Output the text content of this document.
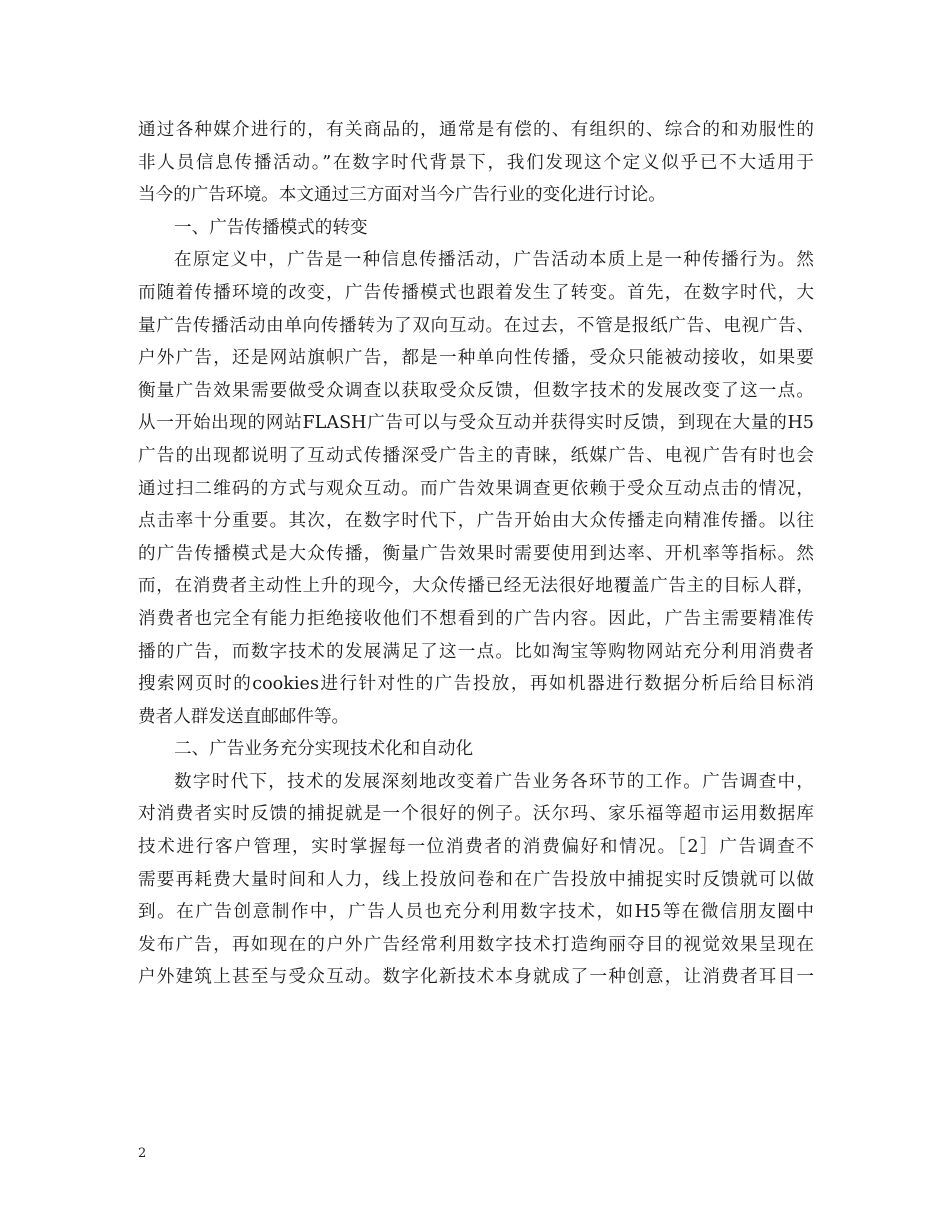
通过各种媒介进行的，有关商品的，通常是有偿的、有组织的、综合的和劝服性的
非人员信息传播活动。”在数字时代背景下，我们发现这个定义似乎已不大适用于
当今的广告环境。本文通过三方面对当今广告行业的变化进行讨论。
一、广告传播模式的转变
在原定义中，广告是一种信息传播活动，广告活动本质上是一种传播行为。然
而随着传播环境的改变，广告传播模式也跟着发生了转变。首先，在数字时代，大
量广告传播活动由单向传播转为了双向互动。在过去，不管是报纸广告、电视广告、
户外广告，还是网站旗帜广告，都是一种单向性传播，受众只能被动接收，如果要
衡量广告效果需要做受众调查以获取受众反馈，但数字技术的发展改变了这一点。
从一开始出现的网站FLASH广告可以与受众互动并获得实时反馈，到现在大量的H5
广告的出现都说明了互动式传播深受广告主的青睐，纸媒广告、电视广告有时也会
通过扫二维码的方式与观众互动。而广告效果调查更依赖于受众互动点击的情况，
点击率十分重要。其次，在数字时代下，广告开始由大众传播走向精准传播。以往
的广告传播模式是大众传播，衡量广告效果时需要使用到达率、开机率等指标。然
而，在消费者主动性上升的现今，大众传播已经无法很好地覆盖广告主的目标人群，
消费者也完全有能力拒绝接收他们不想看到的广告内容。因此，广告主需要精准传
播的广告，而数字技术的发展满足了这一点。比如淘宝等购物网站充分利用消费者
搜索网页时的cookies进行针对性的广告投放，再如机器进行数据分析后给目标消
费者人群发送直邮邮件等。
二、广告业务充分实现技术化和自动化
数字时代下，技术的发展深刻地改变着广告业务各环节的工作。广告调查中，
对消费者实时反馈的捕捉就是一个很好的例子。沃尔玛、家乐福等超市运用数据库
技术进行客户管理，实时掌握每一位消费者的消费偏好和情况。［2］广告调查不
需要再耗费大量时间和人力，线上投放问卷和在广告投放中捕捉实时反馈就可以做
到。在广告创意制作中，广告人员也充分利用数字技术，如H5等在微信朋友圈中
发布广告，再如现在的户外广告经常利用数字技术打造绚丽夺目的视觉效果呈现在
户外建筑上甚至与受众互动。数字化新技术本身就成了一种创意，让消费者耳目一
2
